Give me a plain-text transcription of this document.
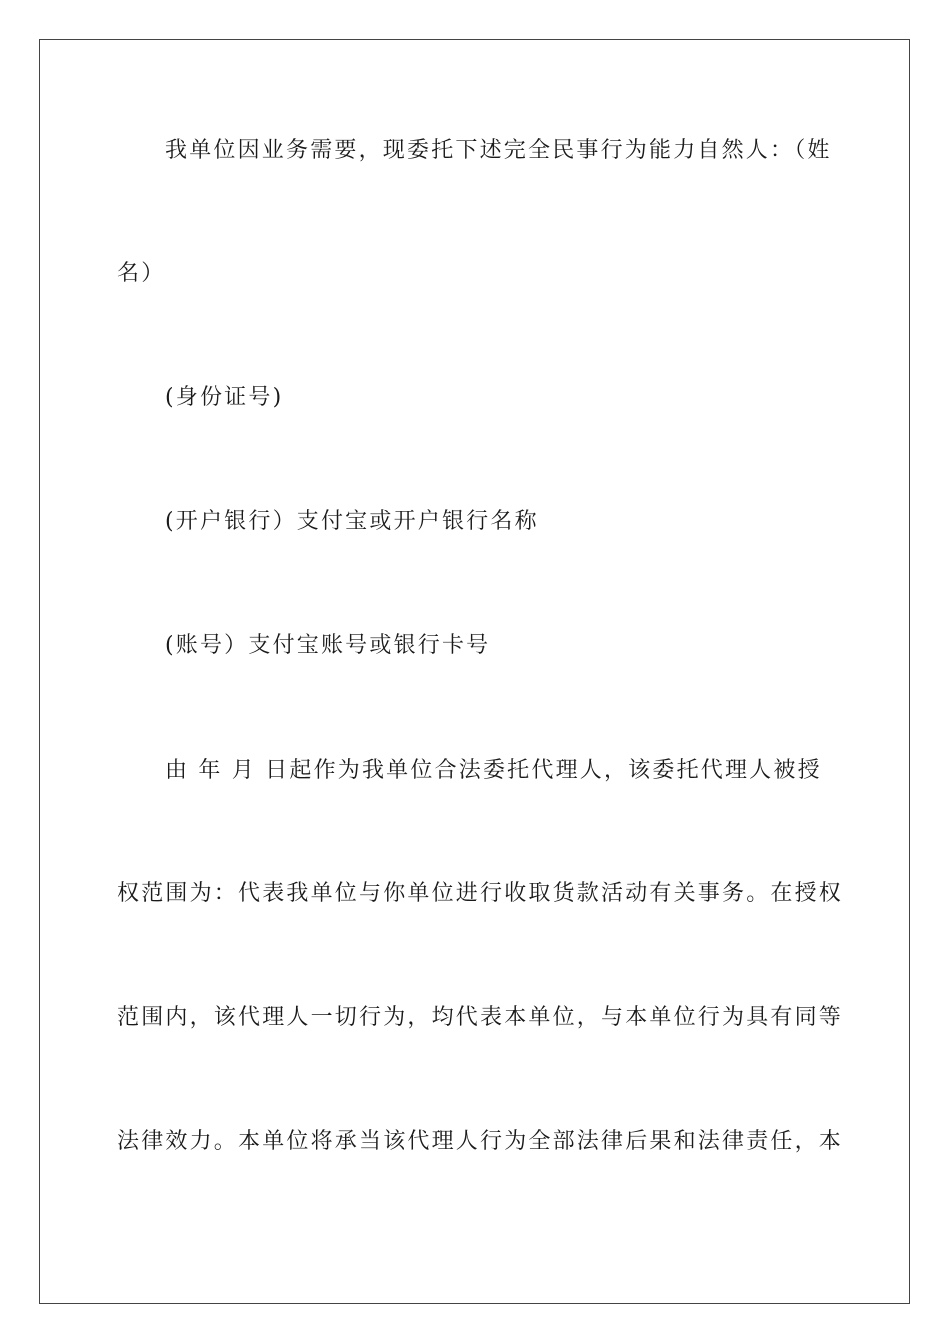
我单位因业务需要，现委托下述完全民事行为能力自然人：（姓
名）
(身份证号)
(开户银行）支付宝或开户银行名称
(账号）支付宝账号或银行卡号
由 年 月 日起作为我单位合法委托代理人，该委托代理人被授
权范围为：代表我单位与你单位进行收取货款活动有关事务。在授权
范围内，该代理人一切行为，均代表本单位，与本单位行为具有同等
法律效力。本单位将承当该代理人行为全部法律后果和法律责任，本
